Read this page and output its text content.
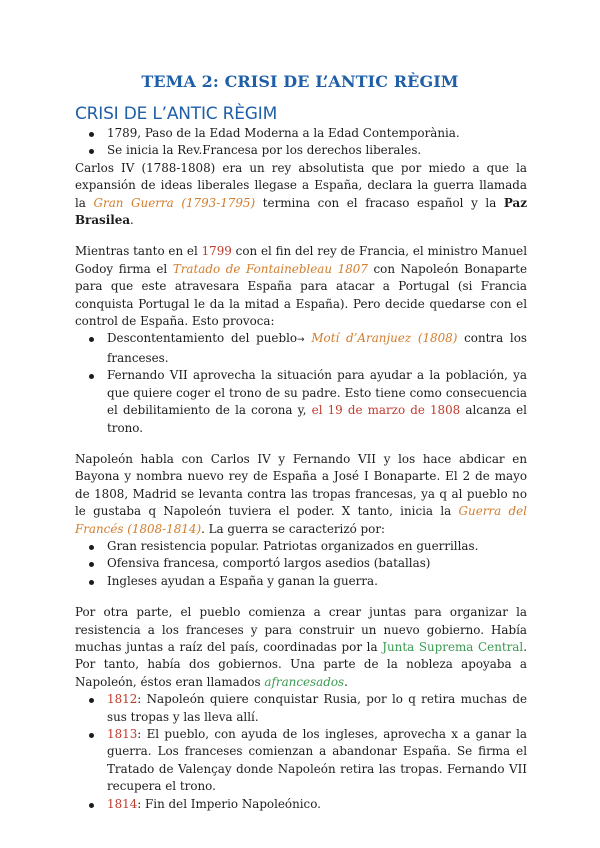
TEMA 2: CRISI DE L’ANTIC RÈGIM
CRISI DE L’ANTIC RÈGIM
1789, Paso de la Edad Moderna a la Edad Contemporània.
Se inicia la Rev.Francesa por los derechos liberales.

Carlos IV (1788-1808) era un rey absolutista que por miedo a que la expansión de ideas liberales llegase a España, declara la guerra llamada la Gran Guerra (1793-1795) termina con el fracaso español y la Paz Brasilea.

Mientras tanto en el 1799 con el fin del rey de Francia, el ministro Manuel Godoy firma el Tratado de Fontainebleau 1807 con Napoleón Bonaparte para que este atravesara España para atacar a Portugal (si Francia conquista Portugal le da la mitad a España). Pero decide quedarse con el control de España. Esto provoca:

Descontentamiento del pueblo→ Motí d’Aranjuez (1808) contra los franceses.
Fernando VII aprovecha la situación para ayudar a la población, ya que quiere coger el trono de su padre. Esto tiene como consecuencia el debilitamiento de la corona y, el 19 de marzo de 1808 alcanza el trono.

Napoleón habla con Carlos IV y Fernando VII y los hace abdicar en Bayona y nombra nuevo rey de España a José I Bonaparte. El 2 de mayo de 1808, Madrid se levanta contra las tropas francesas, ya q al pueblo no le gustaba q Napoleón tuviera el poder. X tanto, inicia la Guerra del Francés (1808-1814). La guerra se caracterizó por:

Gran resistencia popular. Patriotas organizados en guerrillas.
Ofensiva francesa, comportó largos asedios (batallas)
Ingleses ayudan a España y ganan la guerra.

Por otra parte, el pueblo comienza a crear juntas para organizar la resistencia a los franceses y para construir un nuevo gobierno. Había muchas juntas a raíz del país, coordinadas por la Junta Suprema Central. Por tanto, había dos gobiernos. Una parte de la nobleza apoyaba a Napoleón, éstos eran llamados afrancesados.

1812: Napoleón quiere conquistar Rusia, por lo q retira muchas de sus tropas y las lleva allí.
1813: El pueblo, con ayuda de los ingleses, aprovecha x a ganar la guerra. Los franceses comienzan a abandonar España. Se firma el Tratado de Valençay donde Napoleón retira las tropas. Fernando VII recupera el trono.
1814: Fin del Imperio Napoleónico.
